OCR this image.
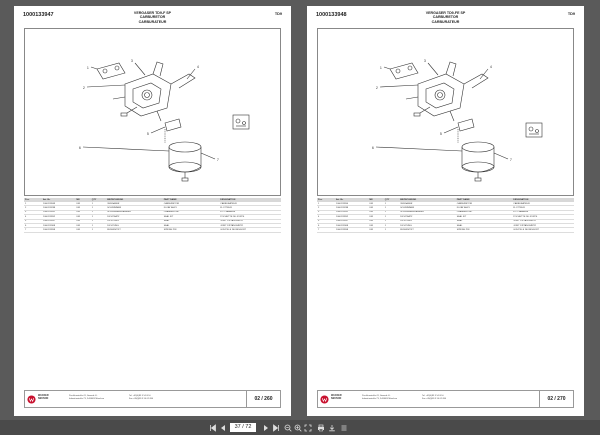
1000133947	VERGASER TD9-F SP
CARBURETOR
CARBURATEUR
TD9
1
2
3
4
5
6
7
Pos.	Art.-Nr.	ME	QTY	BEZEICHNUNG	PART NAME	DESIGNATION
1	1000133949	UM	1	VERGASER	CARBURETOR	CARBURATEUR
2	1000133288	UM	1	SCHWIMMER	FLOAT ASSY	FLOTTEUR
3	1000133951	UM	1	SCHWIMMERKAMMER	CHAMBER SET	KIT CHAMBRE
4	1000133952	UM	1	DICHTSATZ	SEAL KIT	POCHETTE DE JOINTS
5	1000133957	UM	1	DICHTUNG	SEAL	JOINT D'ÉTANCHÉITÉ
6	1000133308	UM	1	DICHTUNG	SEAL	JOINT D'ÉTANCHÉITÉ
7	1000133958	UM	1	FEDERSTIFT	SPRING PIN	GOUPILLE DE RESSORT
WACKER
NEUSON
Preußenstraße 41, Gewerb.-D.
Industriestraße 73, D-80809 München
Tel. +49(0)89 3 54 02-0
Fax +49(0)89 3 54 02-390	02 / 260
1000133948	VERGASER TD9-FE SP
CARBURETOR
CARBURATEUR
TD9
1
2
3
4
5
6
7
Pos.	Art.-Nr.	ME	QTY	BEZEICHNUNG	PART NAME	DESIGNATION
1	1000133950	UM	1	VERGASER	CARBURETOR	CARBURATEUR
2	1000133288	UM	1	SCHWIMMER	FLOAT ASSY	FLOTTEUR
3	1000133951	UM	1	SCHWIMMERKAMMER	CHAMBER SET	KIT CHAMBRE
4	1000133952	UM	1	DICHTSATZ	SEAL KIT	POCHETTE DE JOINTS
5	1000133957	UM	1	DICHTUNG	SEAL	JOINT D'ÉTANCHÉITÉ
6	1000133308	UM	1	DICHTUNG	SEAL	JOINT D'ÉTANCHÉITÉ
7	1000133958	UM	1	FEDERSTIFT	SPRING PIN	GOUPILLE DE RESSORT
WACKER
NEUSON
Preußenstraße 41, Gewerb.-D.
Industriestraße 73, D-80809 München
Tel. +49(0)89 3 54 02-0
Fax +49(0)89 3 54 02-390	02 / 270
37 / 72
